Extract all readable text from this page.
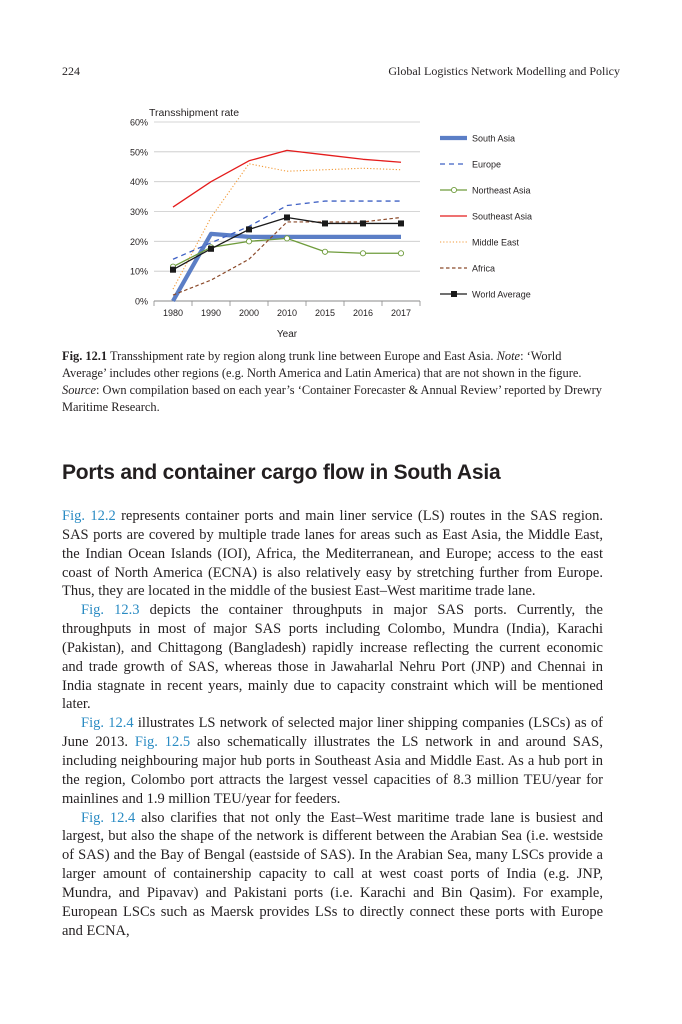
224	Global Logistics Network Modelling and Policy
Transshipment rate
0%
10%
20%
30%
40%
50%
60%
1980 1990 2000 2010 2015 2016 2017
Year
South Asia
Europe
Northeast Asia
Southeast Asia
Middle East
Africa
World Average

Fig. 12.1 Transshipment rate by region along trunk line between Europe and East Asia. Note: ‘World Average’ includes other regions (e.g. North America and Latin America) that are not shown in the figure.

Source: Own compilation based on each year’s ‘Container Forecaster & Annual Review’ reported by Drewry Maritime Research.

Ports and container cargo flow in South Asia

Fig. 12.2 represents container ports and main liner service (LS) routes in the SAS region. SAS ports are covered by multiple trade lanes for areas such as East Asia, the Middle East, the Indian Ocean Islands (IOI), Africa, the Mediterranean, and Europe; access to the east coast of North America (ECNA) is also relatively easy by stretching further from Europe. Thus, they are located in the middle of the busiest East–West maritime trade lane.

Fig. 12.3 depicts the container throughputs in major SAS ports. Currently, the throughputs in most of major SAS ports including Colombo, Mundra (India), Karachi (Pakistan), and Chittagong (Bangladesh) rapidly increase reflecting the current economic and trade growth of SAS, whereas those in Jawaharlal Nehru Port (JNP) and Chennai in India stagnate in recent years, mainly due to capacity constraint which will be mentioned later.

Fig. 12.4 illustrates LS network of selected major liner shipping companies (LSCs) as of June 2013. Fig. 12.5 also schematically illustrates the LS network in and around SAS, including neighbouring major hub ports in Southeast Asia and Middle East. As a hub port in the region, Colombo port attracts the largest vessel capacities of 8.3 million TEU/year for mainlines and 1.9 million TEU/year for feeders.

Fig. 12.4 also clarifies that not only the East–West maritime trade lane is busiest and largest, but also the shape of the network is different between the Arabian Sea (i.e. westside of SAS) and the Bay of Bengal (eastside of SAS). In the Arabian Sea, many LSCs provide a larger amount of containership capacity to call at west coast ports of India (e.g. JNP, Mundra, and Pipavav) and Pakistani ports (i.e. Karachi and Bin Qasim). For example, European LSCs such as Maersk provides LSs to directly connect these ports with Europe and ECNA,
